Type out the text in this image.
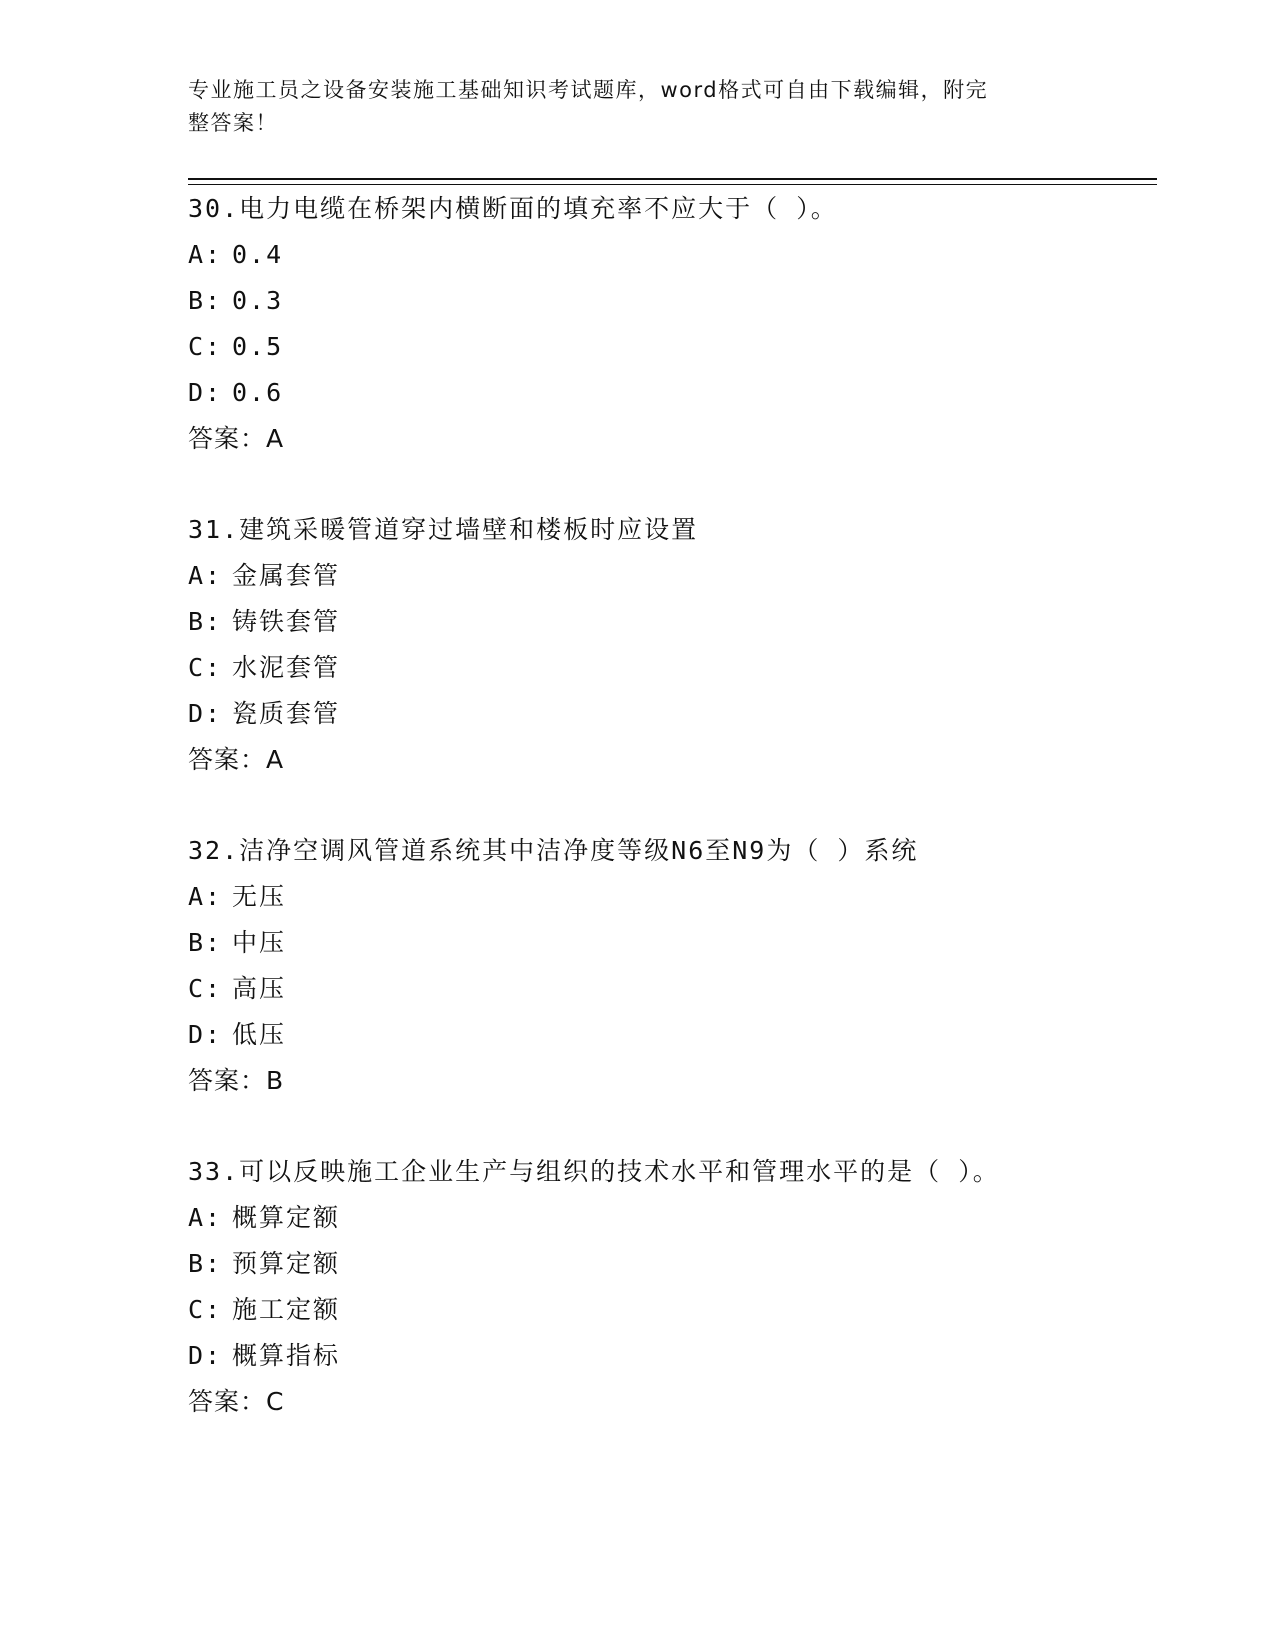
专业施工员之设备安装施工基础知识考试题库，word格式可自由下载编辑，附完
整答案！
30.电力电缆在桥架内横断面的填充率不应大于（ ）。
A: 0.4
B: 0.3
C: 0.5
D: 0.6
答案：A
31.建筑采暖管道穿过墙壁和楼板时应设置
A: 金属套管
B: 铸铁套管
C: 水泥套管
D: 瓷质套管
答案：A
32.洁净空调风管道系统其中洁净度等级N6至N9为（ ）系统
A: 无压
B: 中压
C: 高压
D: 低压
答案：B
33.可以反映施工企业生产与组织的技术水平和管理水平的是（ ）。
A: 概算定额
B: 预算定额
C: 施工定额
D: 概算指标
答案：C
